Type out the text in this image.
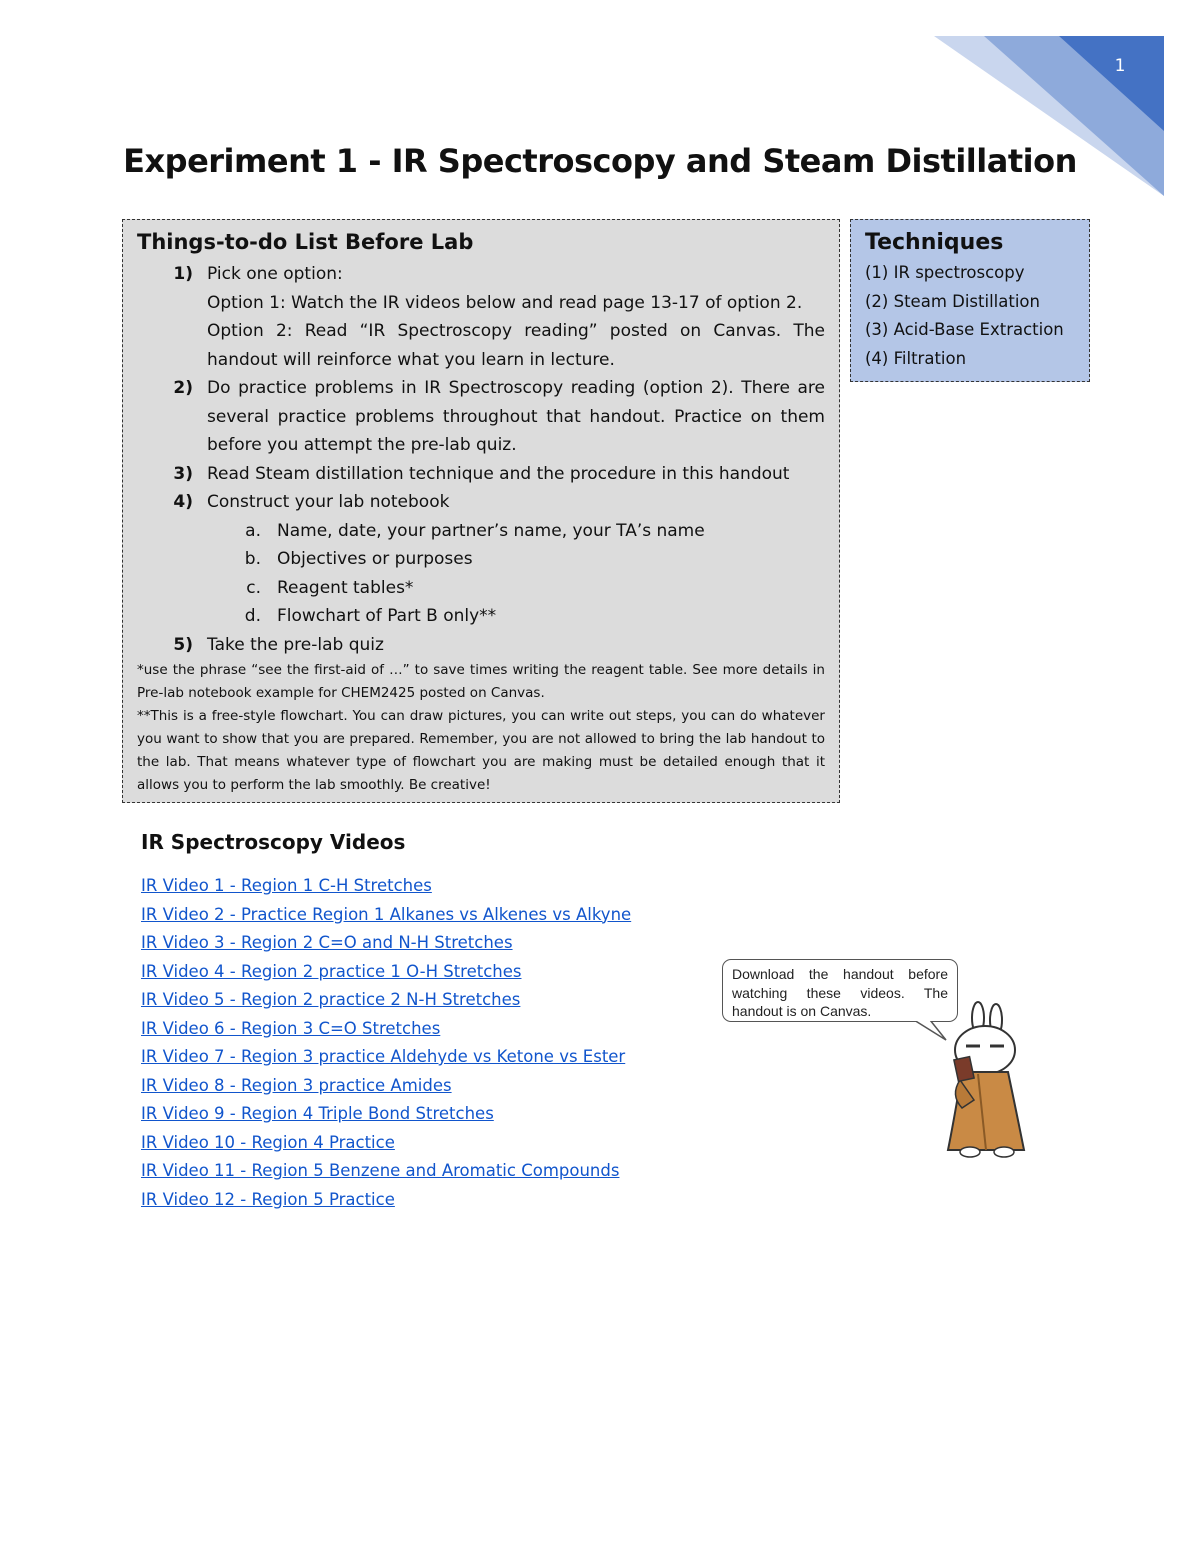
1
Experiment 1 - IR Spectroscopy and Steam Distillation
Things-to-do List Before Lab
1) Pick one option:
Option 1: Watch the IR videos below and read page 13-17 of option 2.
Option 2: Read “IR Spectroscopy reading” posted on Canvas. The handout will reinforce what you learn in lecture.
2) Do practice problems in IR Spectroscopy reading (option 2). There are several practice problems throughout that handout. Practice on them before you attempt the pre-lab quiz.
3) Read Steam distillation technique and the procedure in this handout
4) Construct your lab notebook
a. Name, date, your partner’s name, your TA’s name
b. Objectives or purposes
c. Reagent tables*
d. Flowchart of Part B only**
5) Take the pre-lab quiz
*use the phrase “see the first-aid of …” to save times writing the reagent table. See more details in Pre-lab notebook example for CHEM2425 posted on Canvas.
**This is a free-style flowchart. You can draw pictures, you can write out steps, you can do whatever you want to show that you are prepared. Remember, you are not allowed to bring the lab handout to the lab. That means whatever type of flowchart you are making must be detailed enough that it allows you to perform the lab smoothly. Be creative!
Techniques
(1) IR spectroscopy
(2) Steam Distillation
(3) Acid-Base Extraction
(4) Filtration
IR Spectroscopy Videos
IR Video 1 - Region 1 C-H Stretches
IR Video 2 - Practice Region 1 Alkanes vs Alkenes vs Alkyne
IR Video 3 - Region 2 C=O and N-H Stretches
IR Video 4 - Region 2 practice 1 O-H Stretches
IR Video 5 - Region 2 practice 2 N-H Stretches
IR Video 6 - Region 3 C=O Stretches
IR Video 7 - Region 3 practice Aldehyde vs Ketone vs Ester
IR Video 8 - Region 3 practice Amides
IR Video 9 - Region 4 Triple Bond Stretches
IR Video 10 - Region 4 Practice
IR Video 11 - Region 5 Benzene and Aromatic Compounds
IR Video 12 - Region 5 Practice
Download the handout before watching these videos. The handout is on Canvas.
